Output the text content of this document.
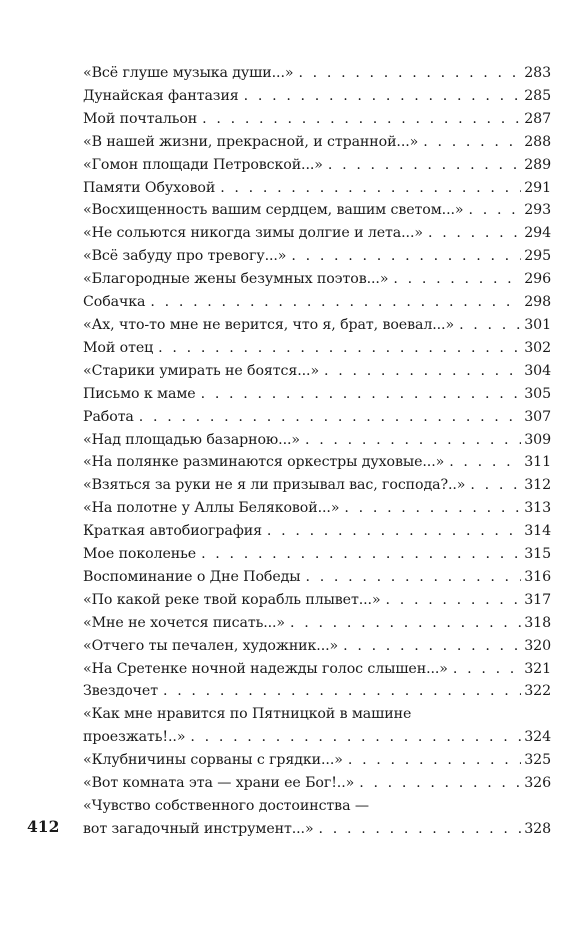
«Всё глуше музыка души...» . . .	283
Дунайская фантазия . . .	285
Мой почтальон . . .	287
«В нашей жизни, прекрасной, и странной...» . . .	288
«Гомон площади Петровской...» . . .	289
Памяти Обуховой . . .	291
«Восхищенность вашим сердцем, вашим светом...» . . .	293
«Не сольются никогда зимы долгие и лета...» . . .	294
«Всё забуду про тревогу...» . . .	295
«Благородные жены безумных поэтов...» . . .	296
Собачка . . .	298
«Ах, что-то мне не верится, что я, брат, воевал...» . . .	301
Мой отец . . .	302
«Старики умирать не боятся...» . . .	304
Письмо к маме . . .	305
Работа . . .	307
«Над площадью базарною...» . . .	309
«На полянке разминаются оркестры духовые...» . . .	311
«Взяться за руки не я ли призывал вас, господа?..» . . .	312
«На полотне у Аллы Беляковой...» . . .	313
Краткая автобиография . . .	314
Мое поколенье . . .	315
Воспоминание о Дне Победы . . .	316
«По какой реке твой корабль плывет...» . . .	317
«Мне не хочется писать...» . . .	318
«Отчего ты печален, художник...» . . .	320
«На Сретенке ночной надежды голос слышен...» . . .	321
Звездочет . . .	322
«Как мне нравится по Пятницкой в машине
проезжать!..» . . .	324
«Клубничины сорваны с грядки...» . . .	325
«Вот комната эта — храни ее Бог!..» . . .	326
«Чувство собственного достоинства —
вот загадочный инструмент...» . . .	328
412
